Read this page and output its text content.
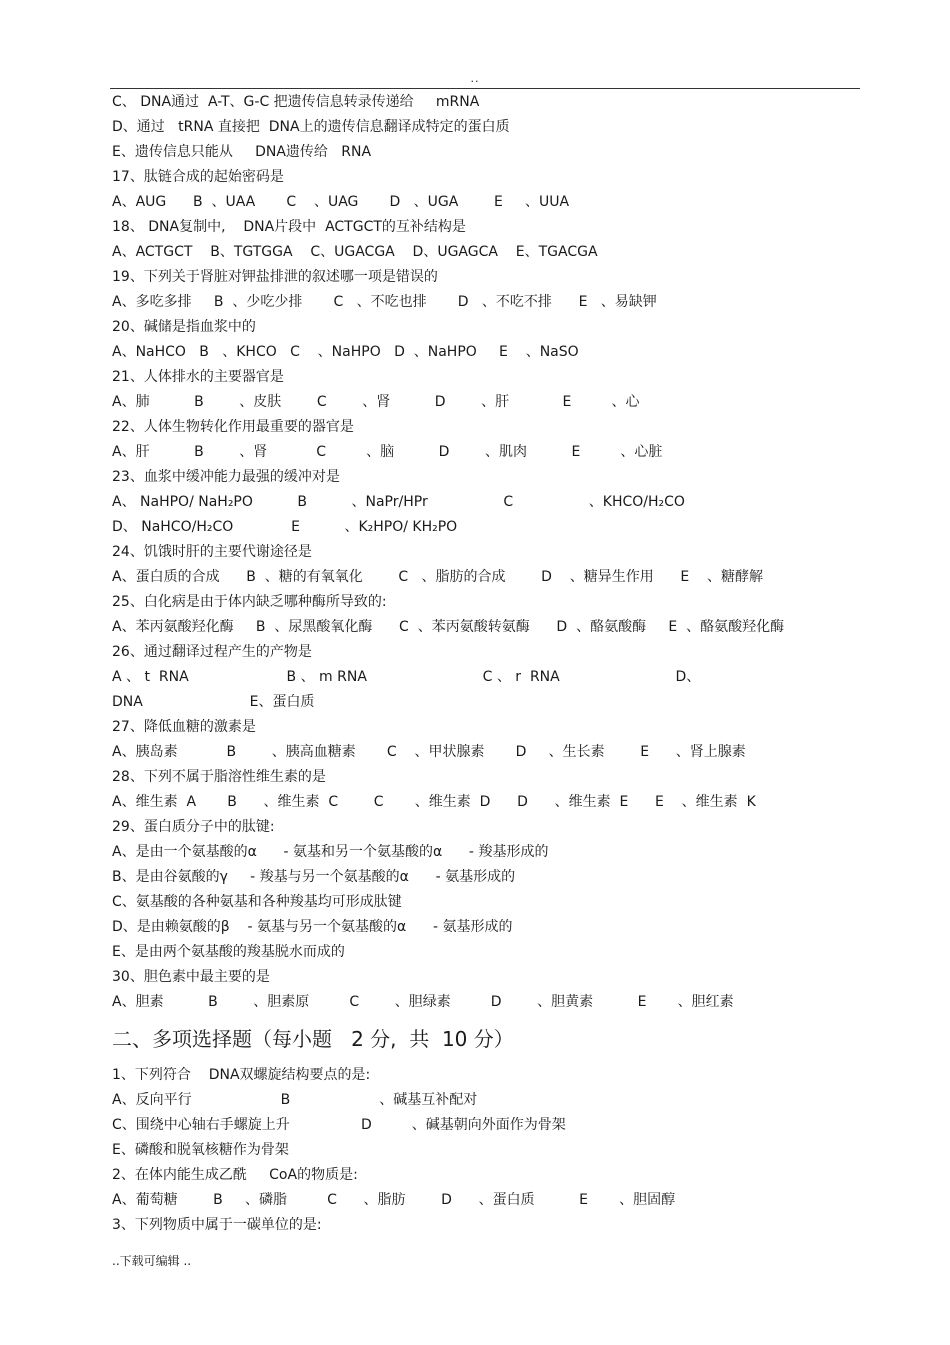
..
C、 DNA通过  A-T、G-C 把遗传信息转录传递给     mRNA
D、通过   tRNA 直接把  DNA上的遗传信息翻译成特定的蛋白质
E、遗传信息只能从     DNA遗传给   RNA
17、肽链合成的起始密码是
A、AUG      B  、UAA       C    、UAG       D   、UGA        E     、UUA
18、 DNA复制中,    DNA片段中  ACTGCT的互补结构是
A、ACTGCT    B、TGTGGA    C、UGACGA    D、UGAGCA    E、TGACGA
19、下列关于肾脏对钾盐排泄的叙述哪一项是错误的
A、多吃多排     B  、少吃少排       C   、不吃也排       D   、不吃不排      E   、易缺钾
20、碱储是指血浆中的
A、NaHCO   B   、KHCO   C    、NaHPO   D  、NaHPO     E    、NaSO
21、人体排水的主要器官是
A、肺          B        、皮肤        C        、肾          D        、肝            E         、心
22、人体生物转化作用最重要的器官是
A、肝          B        、肾           C         、脑          D        、肌肉          E         、心脏
23、血浆中缓冲能力最强的缓冲对是
A、 NaHPO/ NaH₂PO          B          、NaPr/HPr                 C                 、KHCO/H₂CO
D、 NaHCO/H₂CO             E          、K₂HPO/ KH₂PO
24、饥饿时肝的主要代谢途径是
A、蛋白质的合成      B  、糖的有氧氧化        C   、脂肪的合成        D    、糖异生作用      E    、糖酵解
25、白化病是由于体内缺乏哪种酶所导致的:
A、苯丙氨酸羟化酶     B  、尿黑酸氧化酶      C  、苯丙氨酸转氨酶      D  、酪氨酸酶     E  、酪氨酸羟化酶
26、通过翻译过程产生的产物是
A 、 t  RNA                      B 、 m RNA                          C 、 r  RNA                          D、
DNA                        E、蛋白质
27、降低血糖的激素是
A、胰岛素           B        、胰高血糖素       C    、甲状腺素       D     、生长素        E      、肾上腺素
28、下列不属于脂溶性维生素的是
A、维生素  A       B      、维生素  C        C       、维生素  D      D      、维生素  E      E    、维生素  K
29、蛋白质分子中的肽键:
A、是由一个氨基酸的α      - 氨基和另一个氨基酸的α      - 羧基形成的
B、是由谷氨酸的γ     - 羧基与另一个氨基酸的α      - 氨基形成的
C、氨基酸的各种氨基和各种羧基均可形成肽键
D、是由赖氨酸的β    - 氨基与另一个氨基酸的α      - 氨基形成的
E、是由两个氨基酸的羧基脱水而成的
30、胆色素中最主要的是
A、胆素          B        、胆素原         C        、胆绿素         D        、胆黄素          E       、胆红素
二、多项选择题（每小题   2 分,  共  10 分）
1、下列符合    DNA双螺旋结构要点的是:
A、反向平行                    B                    、碱基互补配对
C、围绕中心轴右手螺旋上升                D         、碱基朝向外面作为骨架
E、磷酸和脱氧核糖作为骨架
2、在体内能生成乙酰     CoA的物质是:
A、葡萄糖        B     、磷脂         C      、脂肪        D      、蛋白质          E       、胆固醇
3、下列物质中属于一碳单位的是:
..下载可编辑 ..
